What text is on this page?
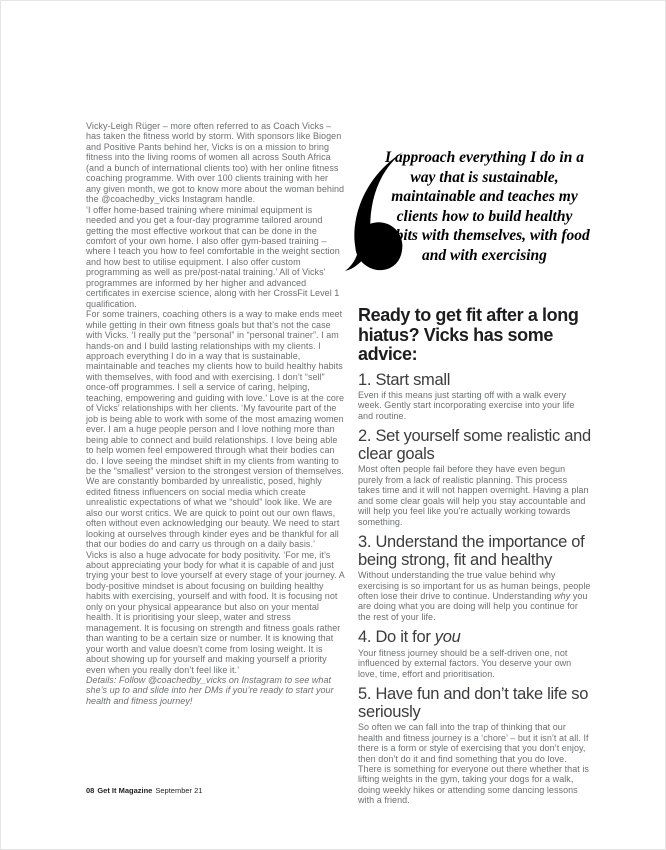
Vicky-Leigh Rüger – more often referred to as Coach Vicks – has taken the fitness world by storm. With sponsors like Biogen and Positive Pants behind her, Vicks is on a mission to bring fitness into the living rooms of women all across South Africa (and a bunch of international clients too) with her online fitness coaching programme. With over 100 clients training with her any given month, we got to know more about the woman behind the @coachedby_vicks Instagram handle.

‘I offer home-based training where minimal equipment is needed and you get a four-day programme tailored around getting the most effective workout that can be done in the comfort of your own home. I also offer gym-based training – where I teach you how to feel comfortable in the weight section and how best to utilise equipment. I also offer custom programming as well as pre/post-natal training.’ All of Vicks’ programmes are informed by her higher and advanced certificates in exercise science, along with her CrossFit Level 1 qualification.

For some trainers, coaching others is a way to make ends meet while getting in their own fitness goals but that’s not the case with Vicks. ‘I really put the “personal” in “personal trainer”. I am hands-on and I build lasting relationships with my clients. I approach everything I do in a way that is sustainable, maintainable and teaches my clients how to build healthy habits with themselves, with food and with exercising. I don’t “sell” once-off programmes. I sell a service of caring, helping, teaching, empowering and guiding with love.’ Love is at the core of Vicks’ relationships with her clients. ‘My favourite part of the job is being able to work with some of the most amazing women ever. I am a huge people person and I love nothing more than being able to connect and build relationships. I love being able to help women feel empowered through what their bodies can do. I love seeing the mindset shift in my clients from wanting to be the “smallest” version to the strongest version of themselves. We are constantly bombarded by unrealistic, posed, highly edited fitness influencers on social media which create unrealistic expectations of what we “should” look like. We are also our worst critics. We are quick to point out our own flaws, often without even acknowledging our beauty. We need to start looking at ourselves through kinder eyes and be thankful for all that our bodies do and carry us through on a daily basis.’

Vicks is also a huge advocate for body positivity. ‘For me, it’s about appreciating your body for what it is capable of and just trying your best to love yourself at every stage of your journey. A body-positive mindset is about focusing on building healthy habits with exercising, yourself and with food. It is focusing not only on your physical appearance but also on your mental health. It is prioritising your sleep, water and stress management. It is focusing on strength and fitness goals rather than wanting to be a certain size or number. It is knowing that your worth and value doesn’t come from losing weight. It is about showing up for yourself and making yourself a priority even when you really don’t feel like it.’

Details: Follow @coachedby_vicks on Instagram to see what she’s up to and slide into her DMs if you’re ready to start your health and fitness journey!

I approach everything I do in a way that is sustainable, maintainable and teaches my clients how to build healthy habits with themselves, with food and with exercising
Ready to get fit after a long hiatus? Vicks has some advice:
1. Start small
Even if this means just starting off with a walk every week. Gently start incorporating exercise into your life and routine.
2. Set yourself some realistic and clear goals
Most often people fail before they have even begun purely from a lack of realistic planning. This process takes time and it will not happen overnight. Having a plan and some clear goals will help you stay accountable and will help you feel like you’re actually working towards something.
3. Understand the importance of being strong, fit and healthy
Without understanding the true value behind why exercising is so important for us as human beings, people often lose their drive to continue. Understanding why you are doing what you are doing will help you continue for the rest of your life.
4. Do it for you
Your fitness journey should be a self-driven one, not influenced by external factors. You deserve your own love, time, effort and prioritisation.
5. Have fun and don’t take life so seriously
So often we can fall into the trap of thinking that our health and fitness journey is a ‘chore’ – but it isn’t at all. If there is a form or style of exercising that you don’t enjoy, then don’t do it and find something that you do love. There is something for everyone out there whether that is lifting weights in the gym, taking your dogs for a walk, doing weekly hikes or attending some dancing lessons with a friend.
08 Get It Magazine September 21
